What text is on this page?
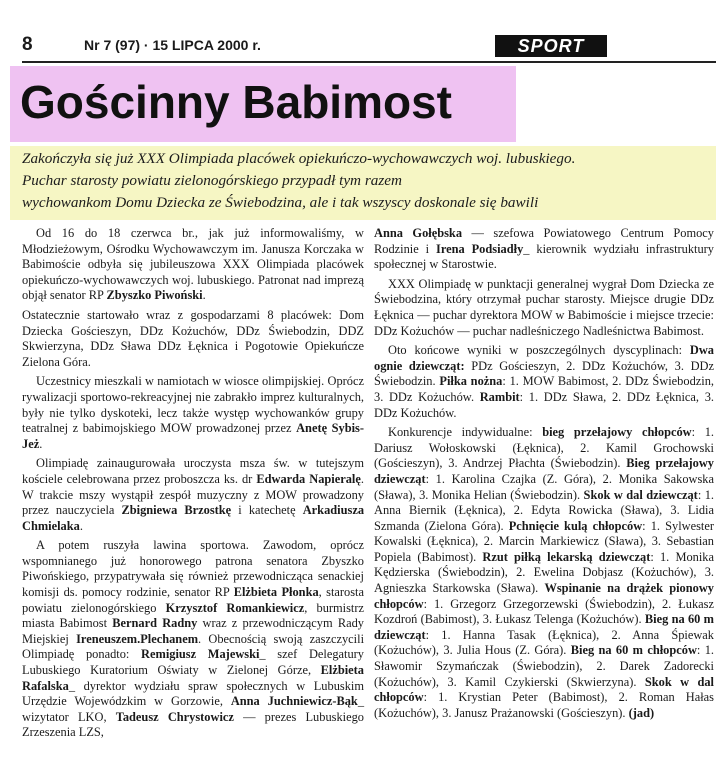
8	Nr 7 (97) · 15 LIPCA 2000 r.	SPORT
Gościnny Babimost
Zakończyła się już XXX Olimpiada placówek opiekuńczo-wychowawczych woj. lubuskiego.
Puchar starosty powiatu zielonogórskiego przypadł tym razem
wychowankom Domu Dziecka ze Świebodzina, ale i tak wszyscy doskonale się bawili

Od 16 do 18 czerwca br., jak już informowaliśmy, w Młodzieżowym, Ośrodku Wychowawczym im. Janusza Korczaka w Babimoście odbyła się jubileuszowa XXX Olimpiada placówek opiekuńczo-wychowawczych woj. lubuskiego. Patronat nad imprezą objął senator RP Zbyszko Piwoński.

Ostatecznie startowało wraz z gospodarzami 8 placówek: Dom Dziecka Gościeszyn, DDz Kożuchów, DDz Świebodzin, DDZ Skwierzyna, DDz Sława DDz Łęknica i Pogotowie Opiekuńcze Zielona Góra.

Uczestnicy mieszkali w namiotach w wiosce olimpijskiej. Oprócz rywalizacji sportowo-rekreacyjnej nie zabrakło imprez kulturalnych, były nie tylko dyskoteki, lecz także występ wychowanków grupy teatralnej z babimojskiego MOW prowadzonej przez Anetę Sybis-Jeż.

Olimpiadę zainaugurowała uroczysta msza św. w tutejszym kościele celebrowana przez proboszcza ks. dr Edwarda Napieralę. W trakcie mszy wystąpił zespół muzyczny z MOW prowadzony przez nauczyciela Zbigniewa Brzostkę i katechetę Arkadiusza Chmielaka.

A potem ruszyła lawina sportowa. Zawodom, oprócz wspomnianego już honorowego patrona senatora Zbyszko Piwońskiego, przypatrywała się również przewodnicząca senackiej komisji ds. pomocy rodzinie, senator RP Elżbieta Płonka, starosta powiatu zielonogórskiego Krzysztof Romankiewicz, burmistrz miasta Babimost Bernard Radny wraz z przewodniczącym Rady Miejskiej Ireneuszem.Plechanem. Obecnością swoją zaszczycili Olimpiadę ponadto: Remigiusz Majewski_ szef Delegatury Lubuskiego Kuratorium Oświaty w Zielonej Górze, Elżbieta Rafalska_ dyrektor wydziału spraw społecznych w Lubuskim Urzędzie Wojewódzkim w Gorzowie, Anna Juchniewicz-Bąk_ wizytator LKO, Tadeusz Chrystowicz — prezes Lubuskiego Zrzeszenia LZS,

Anna Gołębska — szefowa Powiatowego Centrum Pomocy Rodzinie i Irena Podsiadły_ kierownik wydziału infrastruktury społecznej w Starostwie.

XXX Olimpiadę w punktacji generalnej wygrał Dom Dziecka ze Świebodzina, który otrzymał puchar starosty. Miejsce drugie DDz Łęknica — puchar dyrektora MOW w Babimoście i miejsce trzecie: DDz Kożuchów — puchar nadleśniczego Nadleśnictwa Babimost.

Oto końcowe wyniki w poszczególnych dyscyplinach: Dwa ognie dziewcząt: PDz Gościeszyn, 2. DDz Kożuchów, 3. DDz Świebodzin. Piłka nożna: 1. MOW Babimost, 2. DDz Świebodzin, 3. DDz Kożuchów. Rambit: 1. DDz Sława, 2. DDz Łęknica, 3. DDz Kożuchów.

Konkurencje indywidualne: bieg przełajowy chłopców: 1. Dariusz Wołoskowski (Łęknica), 2. Kamil Grochowski (Gościeszyn), 3. Andrzej Płachta (Świebodzin). Bieg przełajowy dziewcząt: 1. Karolina Czajka (Z. Góra), 2. Monika Sakowska (Sława), 3. Monika Helian (Świebodzin). Skok w dal dziewcząt: 1. Anna Biernik (Łęknica), 2. Edyta Rowicka (Sława), 3. Lidia Szmanda (Zielona Góra). Pchnięcie kulą chłopców: 1. Sylwester Kowalski (Łęknica), 2. Marcin Markiewicz (Sława), 3. Sebastian Popiela (Babimost). Rzut piłką lekarską dziewcząt: 1. Monika Kędzierska (Świebodzin), 2. Ewelina Dobjasz (Kożuchów), 3. Agnieszka Starkowska (Sława). Wspinanie na drążek pionowy chłopców: 1. Grzegorz Grzegorzewski (Świebodzin), 2. Łukasz Kozdroń (Babimost), 3. Łukasz Telenga (Kożuchów). Bieg na 60 m dziewcząt: 1. Hanna Tasak (Łęknica), 2. Anna Śpiewak (Kożuchów), 3. Julia Hous (Z. Góra). Bieg na 60 m chłopców: 1. Sławomir Szymańczak (Świebodzin), 2. Darek Zadorecki (Kożuchów), 3. Kamil Czykierski (Skwierzyna). Skok w dal chłopców: 1. Krystian Peter (Babimost), 2. Roman Hałas (Kożuchów), 3. Janusz Prażanowski (Gościeszyn). (jad)
